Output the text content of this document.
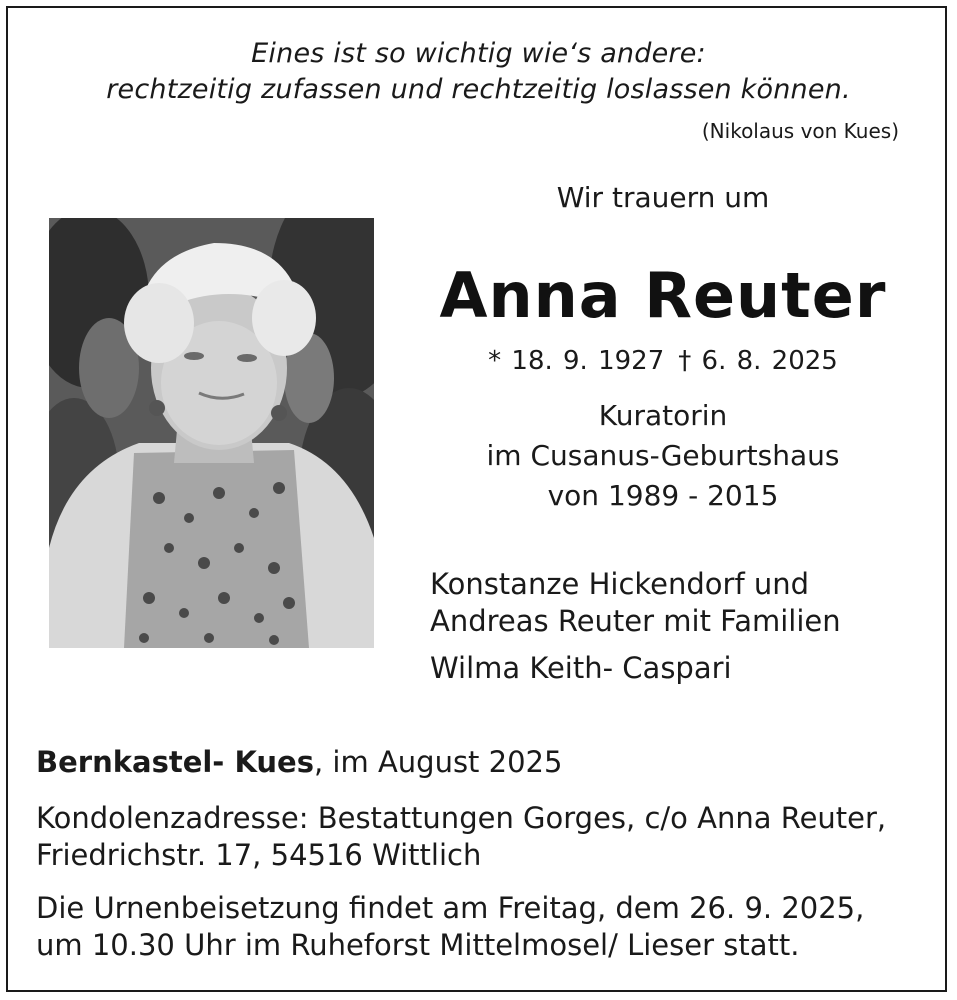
Eines ist so wichtig wie‘s andere:

rechtzeitig zufassen und rechtzeitig loslassen können.

(Nikolaus von Kues)
Wir trauern um
Anna Reuter
* 18. 9. 1927 † 6. 8. 2025
Kuratorin
im Cusanus-Geburtshaus
von 1989 - 2015
Konstanze Hickendorf und
Andreas Reuter mit Familien
Wilma Keith- Caspari
Bernkastel- Kues, im August 2025
Kondolenzadresse: Bestattungen Gorges, c/o Anna Reuter,
Friedrichstr. 17, 54516 Wittlich
Die Urnenbeisetzung findet am Freitag, dem 26. 9. 2025,
um 10.30 Uhr im Ruheforst Mittelmosel/ Lieser statt.
